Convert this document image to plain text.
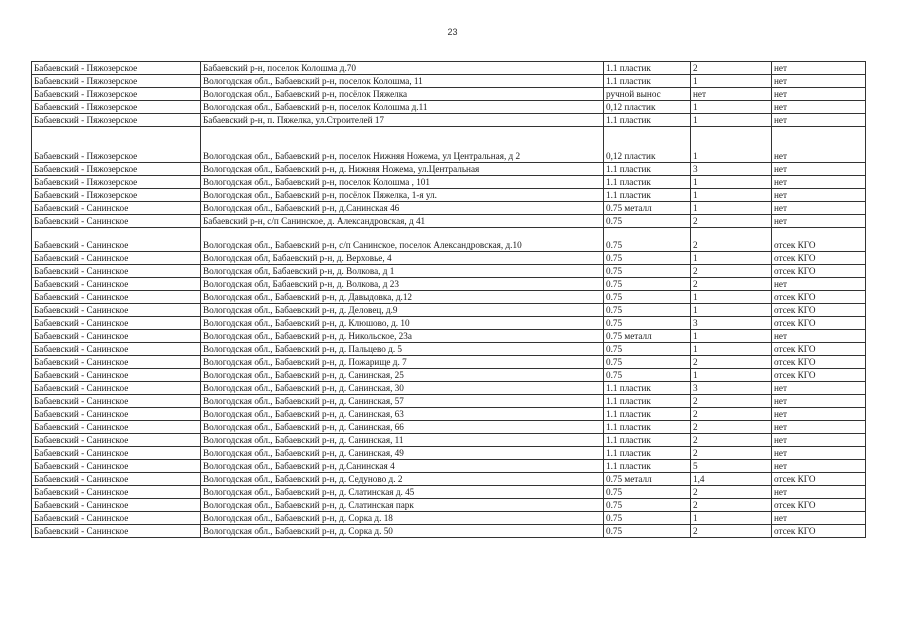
23
Бабаевский - Пяжозерское	Бабаевский р-н, поселок Колошма д.70	1.1 пластик	2	нет
Бабаевский - Пяжозерское	Вологодская обл., Бабаевский р-н, поселок Колошма, 11	1.1 пластик	1	нет
Бабаевский - Пяжозерское	Вологодская обл., Бабаевский р-н, посёлок Пяжелка	ручной вынос	нет	нет
Бабаевский - Пяжозерское	Вологодская обл., Бабаевский р-н, поселок Колошма д.11	0,12 пластик	1	нет
Бабаевский - Пяжозерское	Бабаевский р-н, п. Пяжелка, ул.Строителей 17	1.1 пластик	1	нет
Бабаевский - Пяжозерское	Вологодская обл., Бабаевский р-н, поселок Нижняя Ножема, ул Центральная, д 2	0,12 пластик	1	нет
Бабаевский - Пяжозерское	Вологодская обл., Бабаевский р-н, д. Нижняя Ножема, ул.Центральная	1.1 пластик	3	нет
Бабаевский - Пяжозерское	Вологодская обл., Бабаевский р-н, поселок Колошма , 101	1.1 пластик	1	нет
Бабаевский - Пяжозерское	Вологодская обл., Бабаевский р-н, посёлок Пяжелка, 1-я ул.	1.1 пластик	1	нет
Бабаевский - Санинское	Вологодская обл., Бабаевский р-н, д.Санинская 46	0.75 металл	1	нет
Бабаевский - Санинское	Бабаевский р-н, с/п Санинское, д. Александровская, д 41	0.75	2	нет
Бабаевский - Санинское	Вологодская обл., Бабаевский р-н, с/п Санинское, поселок Александровская, д.10	0.75	2	отсек КГО
Бабаевский - Санинское	Вологодская обл, Бабаевский р-н, д. Верховье, 4	0.75	1	отсек КГО
Бабаевский - Санинское	Вологодская обл, Бабаевский р-н, д. Волкова, д 1	0.75	2	отсек КГО
Бабаевский - Санинское	Вологодская обл, Бабаевский р-н, д. Волкова, д 23	0.75	2	нет
Бабаевский - Санинское	Вологодская обл., Бабаевский р-н, д. Давыдовка, д.12	0.75	1	отсек КГО
Бабаевский - Санинское	Вологодская обл., Бабаевский р-н, д. Деловец, д.9	0.75	1	отсек КГО
Бабаевский - Санинское	Вологодская обл., Бабаевский р-н, д. Клюшово, д. 10	0.75	3	отсек КГО
Бабаевский - Санинское	Вологодская обл., Бабаевский р-н, д. Никольское, 23а	0.75 металл	1	нет
Бабаевский - Санинское	Вологодская обл., Бабаевский р-н, д. Пальцево д. 5	0.75	1	отсек КГО
Бабаевский - Санинское	Вологодская обл., Бабаевский р-н, д. Пожарище д. 7	0.75	2	отсек КГО
Бабаевский - Санинское	Вологодская обл., Бабаевский р-н, д. Санинская, 25	0.75	1	отсек КГО
Бабаевский - Санинское	Вологодская обл., Бабаевский р-н, д. Санинская, 30	1.1 пластик	3	нет
Бабаевский - Санинское	Вологодская обл., Бабаевский р-н, д. Санинская, 57	1.1 пластик	2	нет
Бабаевский - Санинское	Вологодская обл., Бабаевский р-н, д. Санинская, 63	1.1 пластик	2	нет
Бабаевский - Санинское	Вологодская обл., Бабаевский р-н, д. Санинская, 66	1.1 пластик	2	нет
Бабаевский - Санинское	Вологодская обл., Бабаевский р-н, д. Санинская, 11	1.1 пластик	2	нет
Бабаевский - Санинское	Вологодская обл., Бабаевский р-н, д. Санинская, 49	1.1 пластик	2	нет
Бабаевский - Санинское	Вологодская обл., Бабаевский р-н, д.Санинская 4	1.1 пластик	5	нет
Бабаевский - Санинское	Вологодская обл., Бабаевский р-н, д. Седуново д. 2	0.75 металл	1,4	отсек КГО
Бабаевский - Санинское	Вологодская обл., Бабаевский р-н, д. Слатинская д. 45	0.75	2	нет
Бабаевский - Санинское	Вологодская обл., Бабаевский р-н, д. Слатинская парк	0.75	2	отсек КГО
Бабаевский - Санинское	Вологодская обл., Бабаевский р-н, д. Сорка д. 18	0.75	1	нет
Бабаевский - Санинское	Вологодская обл., Бабаевский р-н, д. Сорка д. 50	0.75	2	отсек КГО
